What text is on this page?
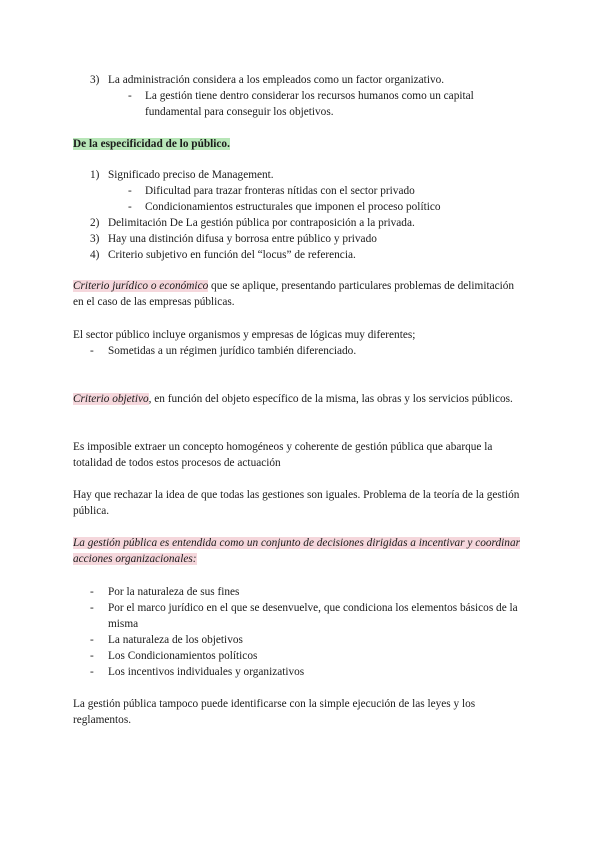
3) La administración considera a los empleados como un factor organizativo.
- La gestión tiene dentro considerar los recursos humanos como un capital fundamental para conseguir los objetivos.
De la especificidad de lo público.
1) Significado preciso de Management.
- Dificultad para trazar fronteras nítidas con el sector privado
- Condicionamientos estructurales que imponen el proceso político
2) Delimitación De La gestión pública por contraposición a la privada.
3) Hay una distinción difusa y borrosa entre público y privado
4) Criterio subjetivo en función del “locus” de referencia.

Criterio jurídico o económico que se aplique, presentando particulares problemas de delimitación en el caso de las empresas públicas.

El sector público incluye organismos y empresas de lógicas muy diferentes;

- Sometidas a un régimen jurídico también diferenciado.

Criterio objetivo, en función del objeto específico de la misma, las obras y los servicios públicos.

Es imposible extraer un concepto homogéneos y coherente de gestión pública que abarque la totalidad de todos estos procesos de actuación

Hay que rechazar la idea de que todas las gestiones son iguales. Problema de la teoría de la gestión pública.

La gestión pública es entendida como un conjunto de decisiones dirigidas a incentivar y coordinar acciones organizacionales:

- Por la naturaleza de sus fines
- Por el marco jurídico en el que se desenvuelve, que condiciona los elementos básicos de la misma
- La naturaleza de los objetivos
- Los Condicionamientos políticos
- Los incentivos individuales y organizativos

La gestión pública tampoco puede identificarse con la simple ejecución de las leyes y los reglamentos.
